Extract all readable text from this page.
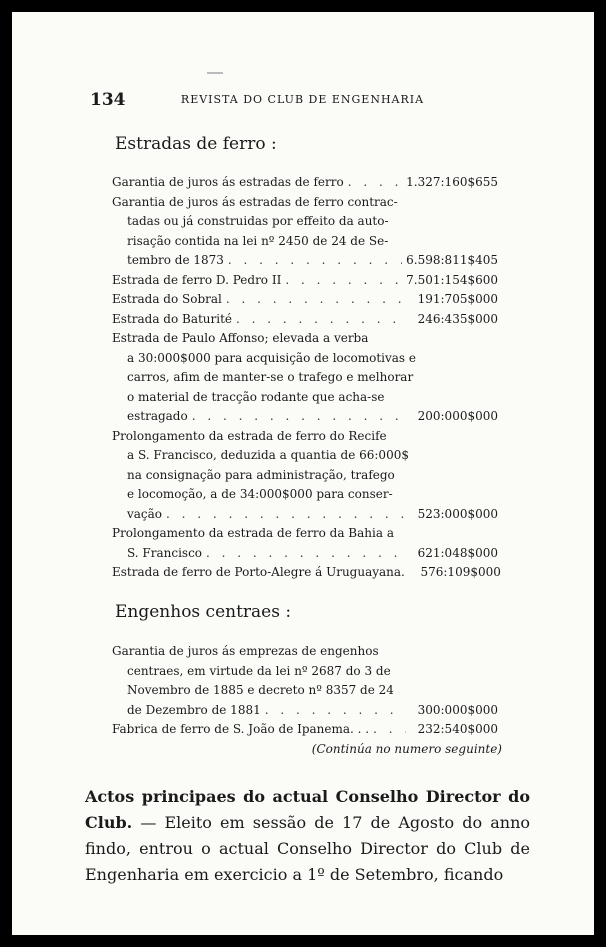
134	REVISTA DO CLUB DE ENGENHARIA
Estradas de ferro :
Garantia de juros ás estradas de ferro . . .	1.327:160$655
Garantia de juros ás estradas de ferro contrac-
tadas ou já construidas por effeito da auto-
risação contida na lei nº 2450 de 24 de Se-
tembro de 1873 . . .	6.598:811$405
Estrada de ferro D. Pedro II . . .	7.501:154$600
Estrada do Sobral . . .	191:705$000
Estrada do Baturité . . .	246:435$000
Estrada de Paulo Affonso; elevada a verba
a 30:000$000 para acquisição de locomotivas e
carros, afim de manter-se o trafego e melhorar
o material de tracção rodante que acha-se
estragado . . .	200:000$000
Prolongamento da estrada de ferro do Recife
a S. Francisco, deduzida a quantia de 66:000$
na consignação para administração, trafego
e locomoção, a de 34:000$000 para conser-
vação . . .	523:000$000
Prolongamento da estrada de ferro da Bahia a
S. Francisco . . .	621:048$000
Estrada de ferro de Porto-Alegre á Uruguayana. . . .	576:109$000
Engenhos centraes :
Garantia de juros ás emprezas de engenhos
centraes, em virtude da lei nº 2687 do 3 de
Novembro de 1885 e decreto nº 8357 de 24
de Dezembro de 1881 . . .	300:000$000
Fabrica de ferro de S. João de Ipanema. . . . . .	232:540$000
(Continúa no numero seguinte)
Actos principaes do actual Conselho Director do Club. — Eleito em sessão de 17 de Agosto do anno findo, entrou o actual Conselho Director do Club de Engenharia em exercicio a 1º de Setembro, ficando
